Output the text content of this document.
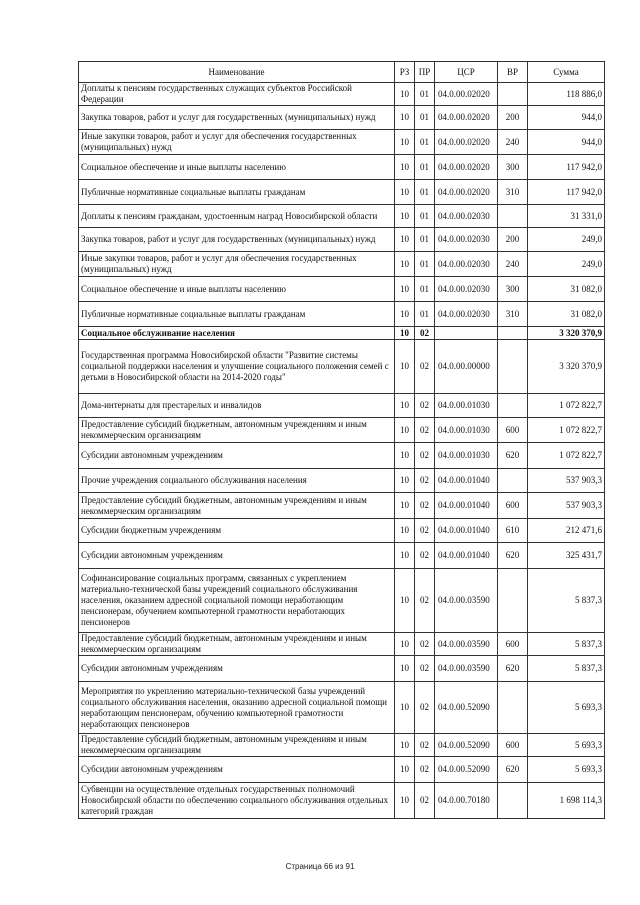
Наименование	РЗ	ПР	ЦСР	ВР	Сумма
Доплаты к пенсиям государственных служащих субъектов Российской Федерации	10	01	04.0.00.02020		118 886,0
Закупка товаров, работ и услуг для государственных (муниципальных) нужд	10	01	04.0.00.02020	200	944,0
Иные закупки товаров, работ и услуг для обеспечения государственных (муниципальных) нужд	10	01	04.0.00.02020	240	944,0
Социальное обеспечение и иные выплаты населению	10	01	04.0.00.02020	300	117 942,0
Публичные нормативные социальные выплаты гражданам	10	01	04.0.00.02020	310	117 942,0
Доплаты к пенсиям гражданам, удостоенным наград Новосибирской области	10	01	04.0.00.02030		31 331,0
Закупка товаров, работ и услуг для государственных (муниципальных) нужд	10	01	04.0.00.02030	200	249,0
Иные закупки товаров, работ и услуг для обеспечения государственных (муниципальных) нужд	10	01	04.0.00.02030	240	249,0
Социальное обеспечение и иные выплаты населению	10	01	04.0.00.02030	300	31 082,0
Публичные нормативные социальные выплаты гражданам	10	01	04.0.00.02030	310	31 082,0
Социальное обслуживание населения	10	02			3 320 370,9
Государственная программа Новосибирской области "Развитие системы социальной поддержки населения и улучшение социального положения семей с детьми в Новосибирской области на 2014-2020 годы"	10	02	04.0.00.00000		3 320 370,9
Дома-интернаты для престарелых и инвалидов	10	02	04.0.00.01030		1 072 822,7
Предоставление субсидий бюджетным, автономным учреждениям и иным некоммерческим организациям	10	02	04.0.00.01030	600	1 072 822,7
Субсидии автономным учреждениям	10	02	04.0.00.01030	620	1 072 822,7
Прочие учреждения социального обслуживания населения	10	02	04.0.00.01040		537 903,3
Предоставление субсидий бюджетным, автономным учреждениям и иным некоммерческим организациям	10	02	04.0.00.01040	600	537 903,3
Субсидии бюджетным учреждениям	10	02	04.0.00.01040	610	212 471,6
Субсидии автономным учреждениям	10	02	04.0.00.01040	620	325 431,7
Софинансирование социальных программ, связанных с укреплением материально-технической базы учреждений социального обслуживания населения, оказанием адресной социальной помощи неработающим пенсионерам, обучением компьютерной грамотности неработающих пенсионеров	10	02	04.0.00.03590		5 837,3
Предоставление субсидий бюджетным, автономным учреждениям и иным некоммерческим организациям	10	02	04.0.00.03590	600	5 837,3
Субсидии автономным учреждениям	10	02	04.0.00.03590	620	5 837,3
Мероприятия по укреплению материально-технической базы учреждений социального обслуживания населения, оказанию адресной социальной помощи неработающим пенсионерам, обучению компьютерной грамотности неработающих пенсионеров	10	02	04.0.00.52090		5 693,3
Предоставление субсидий бюджетным, автономным учреждениям и иным некоммерческим организациям	10	02	04.0.00.52090	600	5 693,3
Субсидии автономным учреждениям	10	02	04.0.00.52090	620	5 693,3
Субвенции на осуществление отдельных государственных полномочий Новосибирской области по обеспечению социального обслуживания отдельных категорий граждан	10	02	04.0.00.70180		1 698 114,3
Страница 66 из 91
